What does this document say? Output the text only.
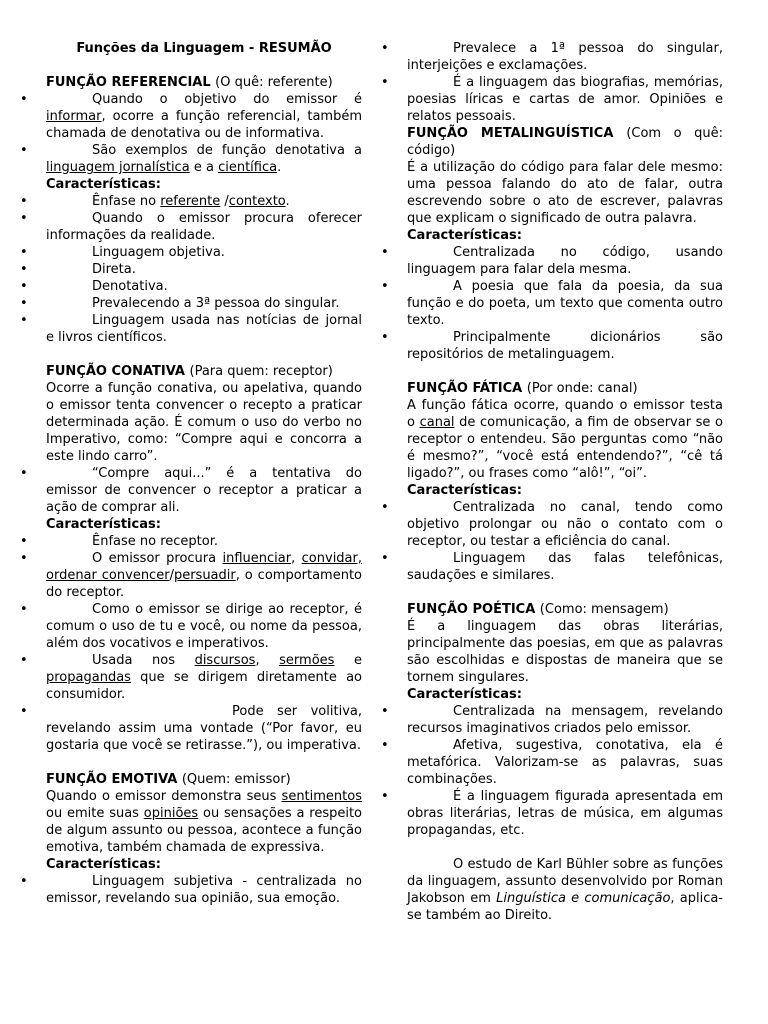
Funções da Linguagem - RESUMÃO

FUNÇÃO REFERENCIAL (O quê: referente)

• Quando o objetivo do emissor éinformar, ocorre a função referencial, também chamada de denotativa ou de informativa.

• São exemplos de função denotativa a linguagem jornalística e a científica.

Características:

• Ênfase no referente /contexto.

• Quando o emissor procura oferecer informações da realidade.

• Linguagem objetiva.

• Direta.

• Denotativa.

• Prevalecendo a 3ª pessoa do singular.

• Linguagem usada nas notícias de jornal e livros científicos.

FUNÇÃO CONATIVA (Para quem: receptor)

Ocorre a função conativa, ou apelativa, quando o emissor tenta convencer o recepto a praticar determinada ação. É comum o uso do verbo no Imperativo, como: “Compre aqui e concorra a este lindo carro”.

• “Compre aqui...” é a tentativa do emissor de convencer o receptor a praticar a ação de comprar ali.

Características:

• Ênfase no receptor.

• O emissor procura influenciar, convidar, ordenar convencer/persuadir, o comportamento do receptor.

• Como o emissor se dirige ao receptor, é comum o uso de tu e você, ou nome da pessoa, além dos vocativos e imperativos.

• Usada nos discursos, sermões e propagandas que se dirigem diretamente ao consumidor.

• Pode ser volitiva, revelando assim uma vontade (“Por favor, eu gostaria que você se retirasse.”), ou imperativa.

FUNÇÃO EMOTIVA (Quem: emissor)

Quando o emissor demonstra seus sentimentos ou emite suas opiniões ou sensações a respeito de algum assunto ou pessoa, acontece a função emotiva, também chamada de expressiva.

Características:

• Linguagem subjetiva - centralizada no emissor, revelando sua opinião, sua emoção.

• Prevalece a 1ª pessoa do singular, interjeições e exclamações.

• É a linguagem das biografias, memórias, poesias líricas e cartas de amor. Opiniões e relatos pessoais.

FUNÇÃO METALINGUÍSTICA (Com o quê: código)

É a utilização do código para falar dele mesmo: uma pessoa falando do ato de falar, outra escrevendo sobre o ato de escrever, palavras que explicam o significado de outra palavra.

Características:

• Centralizada no código, usando linguagem para falar dela mesma.

• A poesia que fala da poesia, da sua função e do poeta, um texto que comenta outro texto.

• Principalmente dicionários são repositórios de metalinguagem.

FUNÇÃO FÁTICA (Por onde: canal)

A função fática ocorre, quando o emissor testa o canal de comunicação, a fim de observar se o receptor o entendeu. São perguntas como “não é mesmo?”, “você está entendendo?”, “cê tá ligado?”, ou frases como “alô!”, “oi”.

Características:

• Centralizada no canal, tendo como objetivo prolongar ou não o contato com o receptor, ou testar a eficiência do canal.

• Linguagem das falas telefônicas, saudações e similares.

FUNÇÃO POÉTICA (Como: mensagem)

É a linguagem das obras literárias, principalmente das poesias, em que as palavras são escolhidas e dispostas de maneira que se tornem singulares.

Características:

• Centralizada na mensagem, revelando recursos imaginativos criados pelo emissor.

• Afetiva, sugestiva, conotativa, ela é metafórica. Valorizam-se as palavras, suas combinações.

• É a linguagem figurada apresentada em obras literárias, letras de música, em algumas propagandas, etc.

O estudo de Karl Bühler sobre as funções da linguagem, assunto desenvolvido por Roman Jakobson em Linguística e comunicação, aplica-se também ao Direito.
